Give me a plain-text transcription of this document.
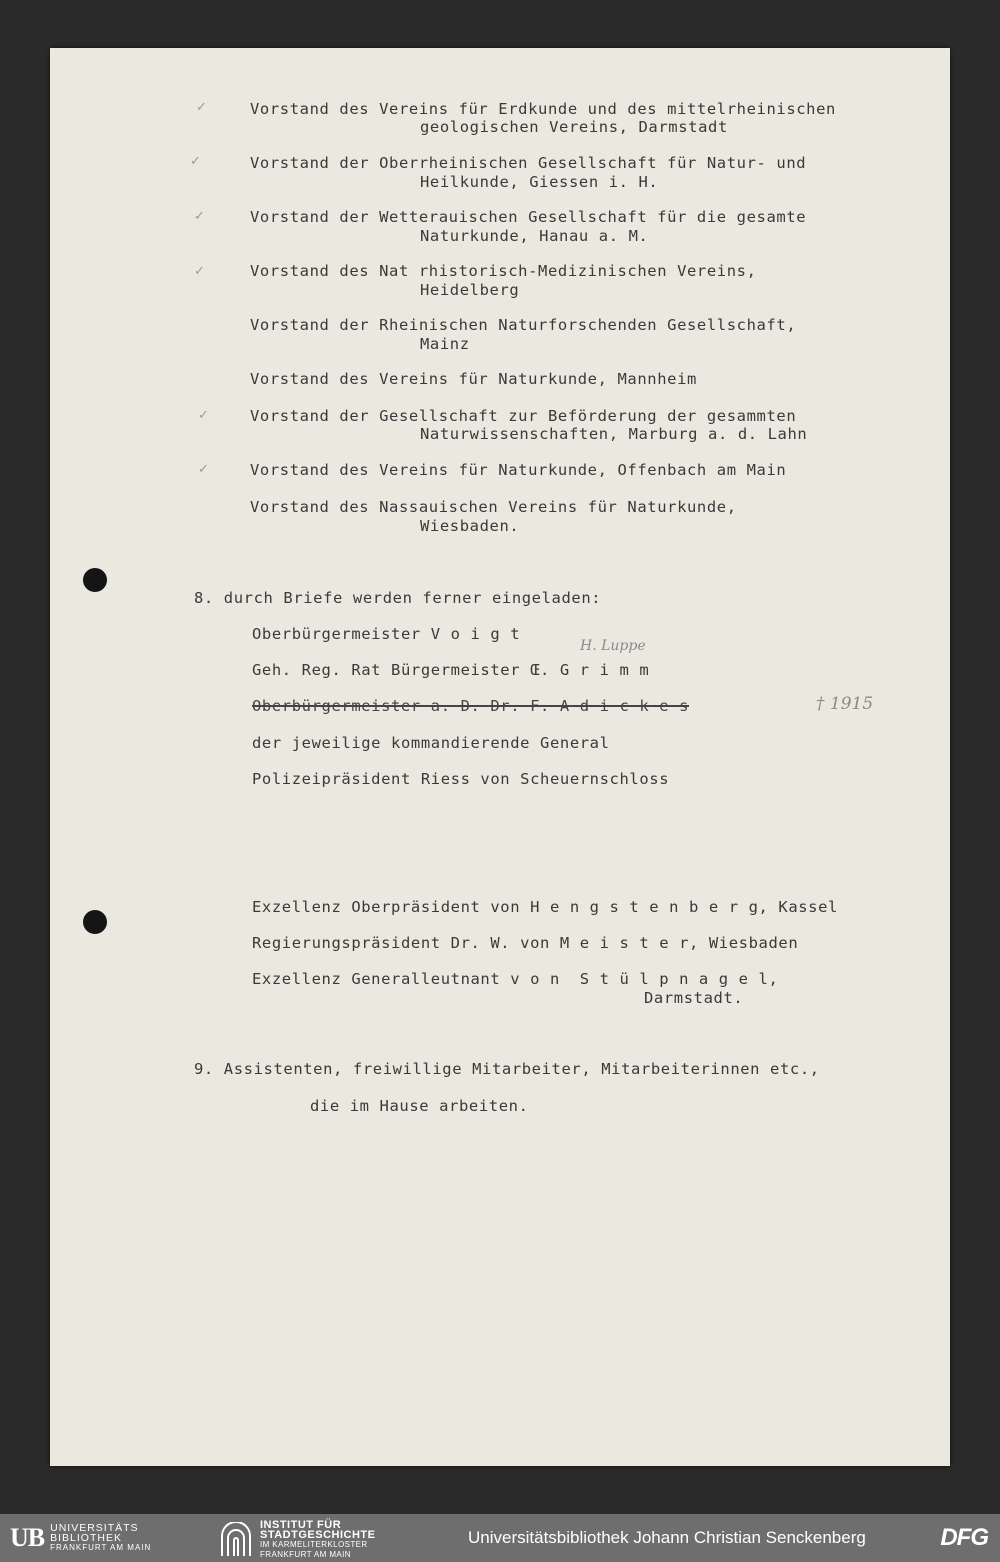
✓	Vorstand des Vereins für Erdkunde und des mittelrheinischen
geologischen Vereins, Darmstadt
✓	Vorstand der Oberrheinischen Gesellschaft für Natur- und
Heilkunde, Giessen i. H.
✓	Vorstand der Wetterauischen Gesellschaft für die gesamte
Naturkunde, Hanau a. M.
✓	Vorstand des Nat rhistorisch-Medizinischen Vereins,
Heidelberg
Vorstand der Rheinischen Naturforschenden Gesellschaft,
Mainz
Vorstand des Vereins für Naturkunde, Mannheim
✓	Vorstand der Gesellschaft zur Beförderung der gesammten
Naturwissenschaften, Marburg a. d. Lahn
✓	Vorstand des Vereins für Naturkunde, Offenbach am Main
Vorstand des Nassauischen Vereins für Naturkunde,
Wiesbaden.
8. durch Briefe werden ferner eingeladen:
Oberbürgermeister V o i g t
H. Luppe
Geh. Reg. Rat Bürgermeister Œ. G r i m m
Oberbürgermeister a. D. Dr. F. A d i c k e s	† 1915
der jeweilige kommandierende General
Polizeipräsident Riess von Scheuernschloss
Exzellenz Oberpräsident von H e n g s t e n b e r g, Kassel
Regierungspräsident Dr. W. von M e i s t e r, Wiesbaden
Exzellenz Generalleutnant v o n  S t ü l p n a g e l,
Darmstadt.
9. Assistenten, freiwillige Mitarbeiter, Mitarbeiterinnen etc.,
die im Hause arbeiten.
UB UNIVERSITÄTS
BIBLIOTHEK
FRANKFURT AM MAIN
INSTITUT FÜR
STADTGESCHICHTE
IM KARMELITERKLOSTER
FRANKFURT AM MAIN
Universitätsbibliothek Johann Christian Senckenberg	DFG
